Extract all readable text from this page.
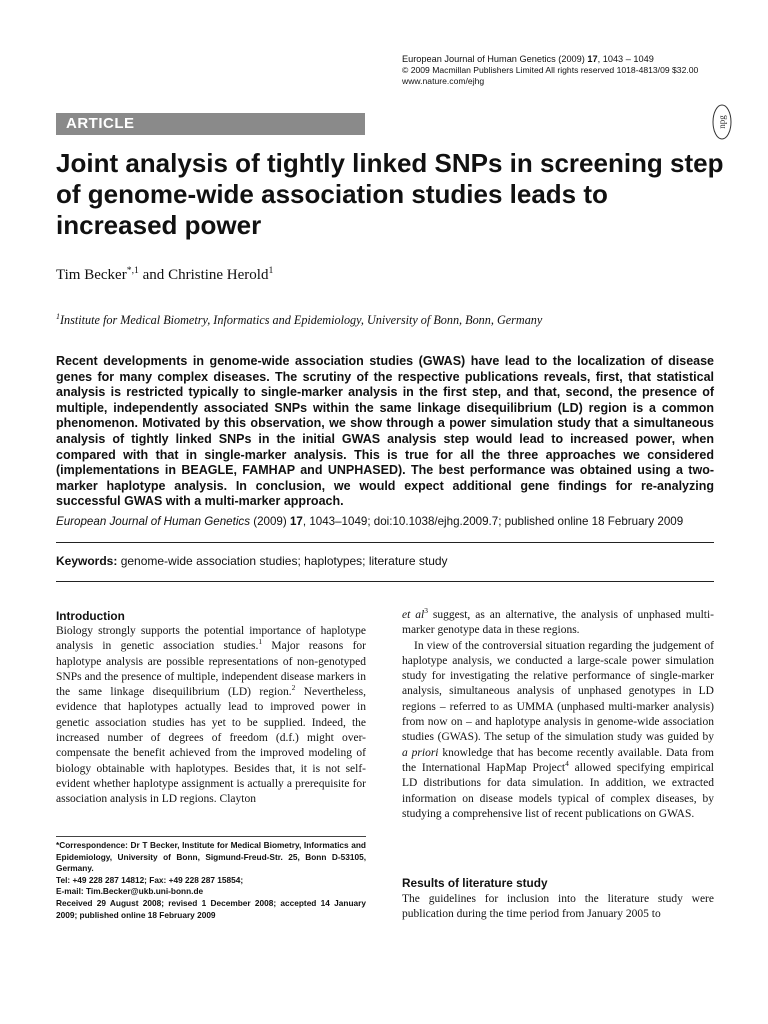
European Journal of Human Genetics (2009) 17, 1043 – 1049
© 2009 Macmillan Publishers Limited All rights reserved 1018-4813/09 $32.00
www.nature.com/ejhg
npg
ARTICLE
Joint analysis of tightly linked SNPs in screening step of genome-wide association studies leads to increased power
Tim Becker$^{*,1}$ and Christine Herold$^1$
$^1$Institute for Medical Biometry, Informatics and Epidemiology, University of Bonn, Bonn, Germany
Recent developments in genome-wide association studies (GWAS) have lead to the localization of disease genes for many complex diseases. The scrutiny of the respective publications reveals, first, that statistical analysis is restricted typically to single-marker analysis in the first step, and that, second, the presence of multiple, independently associated SNPs within the same linkage disequilibrium (LD) region is a common phenomenon. Motivated by this observation, we show through a power simulation study that a simultaneous analysis of tightly linked SNPs in the initial GWAS analysis step would lead to increased power, when compared with that in single-marker analysis. This is true for all the three approaches we considered (implementations in BEAGLE, FAMHAP and UNPHASED). The best performance was obtained using a two-marker haplotype analysis. In conclusion, we would expect additional gene findings for re-analyzing successful GWAS with a multi-marker approach.
European Journal of Human Genetics (2009) 17, 1043–1049; doi:10.1038/ejhg.2009.7; published online 18 February 2009
Keywords: genome-wide association studies; haplotypes; literature study
Introduction
Biology strongly supports the potential importance of haplotype analysis in genetic association studies.$^1$ Major reasons for haplotype analysis are possible representations of non-genotyped SNPs and the presence of multiple, independent disease markers in the same linkage disequilibrium (LD) region.$^2$ Nevertheless, evidence that haplotypes actually lead to improved power in genetic association studies has yet to be supplied. Indeed, the increased number of degrees of freedom (d.f.) might over-compensate the benefit achieved from the improved modeling of biology obtainable with haplotypes. Besides that, it is not self-evident whether haplotype assignment is actually a prerequisite for association analysis in LD regions. Clayton
*Correspondence: Dr T Becker, Institute for Medical Biometry, Informatics and Epidemiology, University of Bonn, Sigmund-Freud-Str. 25, Bonn D-53105, Germany.
Tel: +49 228 287 14812; Fax: +49 228 287 15854;
E-mail: Tim.Becker@ukb.uni-bonn.de
Received 29 August 2008; revised 1 December 2008; accepted 14 January 2009; published online 18 February 2009
et $al^3$ suggest, as an alternative, the analysis of unphased multi-marker genotype data in these regions.
In view of the controversial situation regarding the judgement of haplotype analysis, we conducted a large-scale power simulation study for investigating the relative performance of single-marker analysis, simultaneous analysis of unphased genotypes in LD regions – referred to as UMMA (unphased multi-marker analysis) from now on – and haplotype analysis in genome-wide association studies (GWAS). The setup of the simulation study was guided by a priori knowledge that has become recently available. Data from the International HapMap Project$^4$ allowed specifying empirical LD distributions for data simulation. In addition, we extracted information on disease models typical of complex diseases, by studying a comprehensive list of recent publications on GWAS.
Results of literature study
The guidelines for inclusion into the literature study were publication during the time period from January 2005 to
